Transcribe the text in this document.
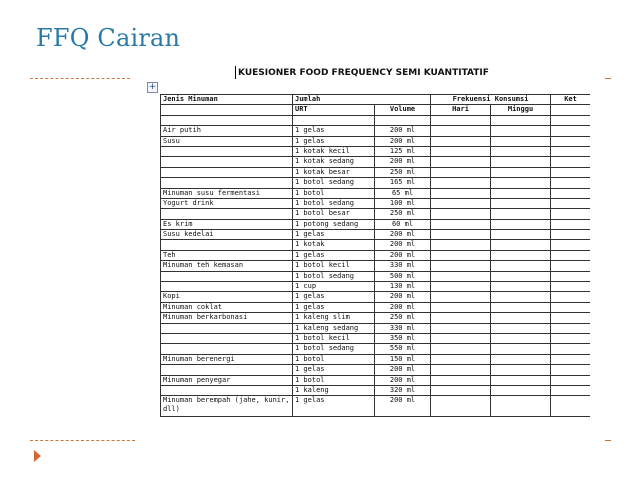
FFQ Cairan
+
KUESIONER FOOD FREQUENCY SEMI KUANTITATIF
Jenis Minuman	Jumlah		Frekuensi Konsumsi		Ket
	URT	Volume	Hari	Minggu	

Air putih	1 gelas	200 ml			
Susu	1 gelas	200 ml			
	1 kotak kecil	125 ml			
	1 kotak sedang	200 ml			
	1 kotak besar	250 ml			
	1 botol sedang	165 ml			
Minuman susu fermentasi	1 botol	65 ml			
Yogurt drink	1 botol sedang	100 ml			
	1 botol besar	250 ml			
Es krim	1 potong sedang	60 ml			
Susu kedelai	1 gelas	200 ml			
	1 kotak	200 ml			
Teh	1 gelas	200 ml			
Minuman teh kemasan	1 botol kecil	330 ml			
	1 botol sedang	500 ml			
	1 cup	130 ml			
Kopi	1 gelas	200 ml			
Minuman coklat	1 gelas	200 ml			
Minuman berkarbonasi	1 kaleng slim	250 ml			
	1 kaleng sedang	330 ml			
	1 botol kecil	350 ml			
	1 botol sedang	550 ml			
Minuman berenergi	1 botol	150 ml			
	1 gelas	200 ml			
Minuman penyegar	1 botol	200 ml			
	1 kaleng	320 ml			
Minuman berempah (jahe, kunir, dll)	1 gelas	200 ml			
